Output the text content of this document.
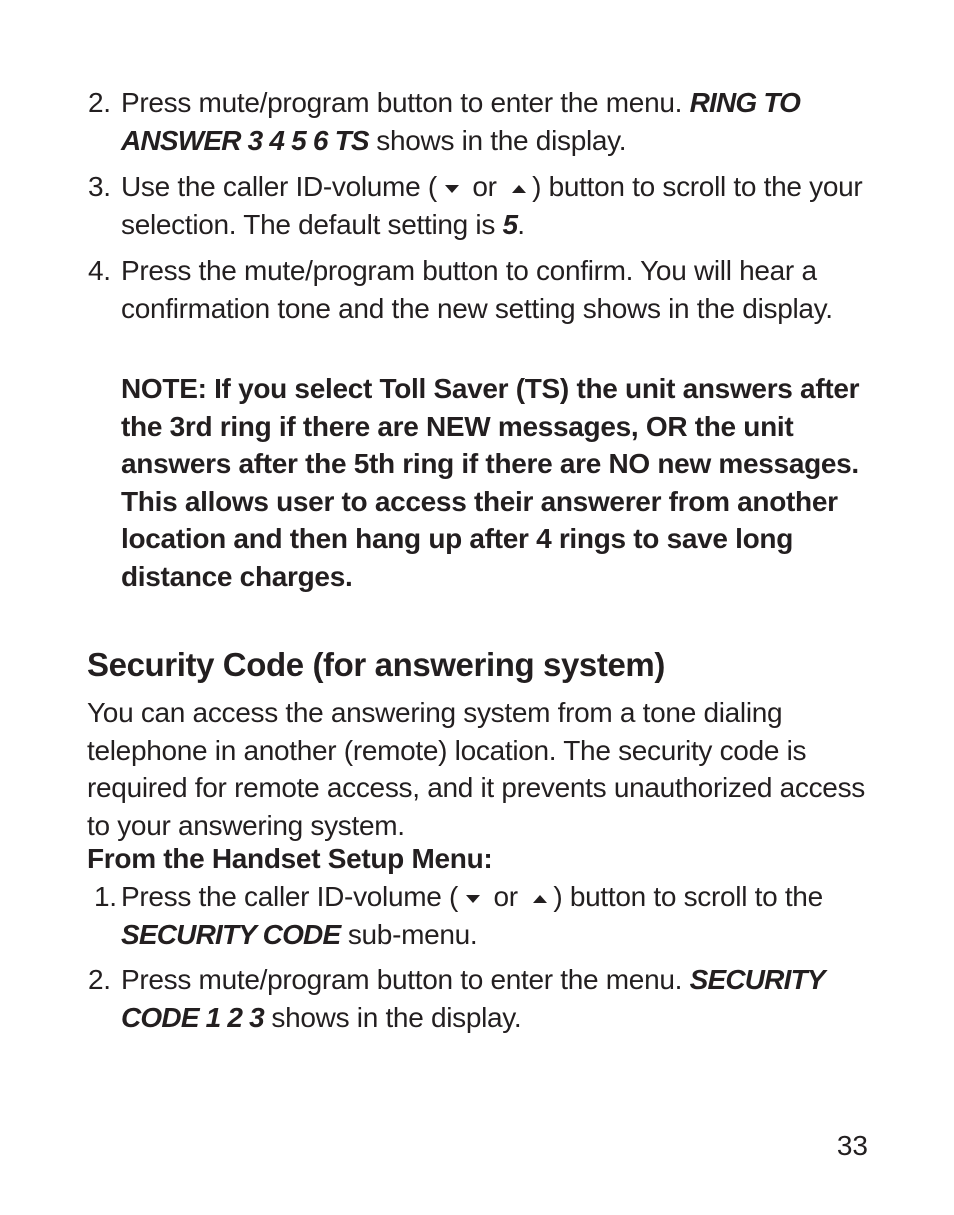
2. Press mute/program button to enter the menu. RING TO ANSWER 3 4 5 6 TS shows in the display.
3. Use the caller ID-volume ( or ) button to scroll to the your selection. The default setting is 5.
4. Press the mute/program button to confirm. You will hear a confirmation tone and the new setting shows in the display.
NOTE: If you select Toll Saver (TS) the unit answers after the 3rd ring if there are NEW messages, OR the unit answers after the 5th ring if there are NO new messages. This allows user to access their answerer from another location and then hang up after 4 rings to save long distance charges.
Security Code (for answering system)
You can access the answering system from a tone dialing telephone in another (remote) location. The security code is required for remote access, and it prevents unauthorized access to your answering system.
From the Handset Setup Menu:
1. Press the caller ID-volume ( or ) button to scroll to the SECURITY CODE sub-menu.
2. Press mute/program button to enter the menu. SECURITY CODE 1 2 3 shows in the display.
33
